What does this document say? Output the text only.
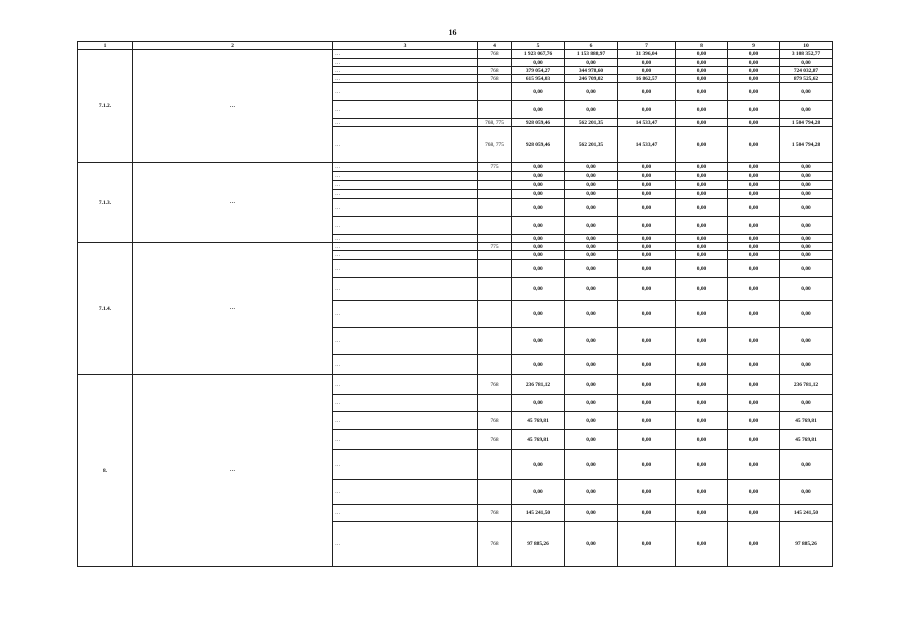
16
1	2	3	4	5	6	7	8	9	10
7.1.2.	…	…	768	1 923 067,76	1 153 888,97	31 396,04	0,00	0,00	3 108 352,77
		…		0,00	0,00	0,00	0,00	0,00	0,00
		…	768	379 054,27	344 978,60	0,00	0,00	0,00	724 032,87
		…	768	615 954,03	246 709,02	16 862,57	0,00	0,00	879 525,62
		…		0,00	0,00	0,00	0,00	0,00	0,00
		…		0,00	0,00	0,00	0,00	0,00	0,00
		…	768, 775	928 059,46	562 201,35	14 533,47	0,00	0,00	1 504 794,28
		…	768, 775	928 059,46	562 201,35	14 533,47	0,00	0,00	1 504 794,28
7.1.3.	…	…	775	0,00	0,00	0,00	0,00	0,00	0,00
		…		0,00	0,00	0,00	0,00	0,00	0,00
		…		0,00	0,00	0,00	0,00	0,00	0,00
		…		0,00	0,00	0,00	0,00	0,00	0,00
		…		0,00	0,00	0,00	0,00	0,00	0,00
		…		0,00	0,00	0,00	0,00	0,00	0,00
		…		0,00	0,00	0,00	0,00	0,00	0,00
7.1.4.	…	…	775	0,00	0,00	0,00	0,00	0,00	0,00
		…		0,00	0,00	0,00	0,00	0,00	0,00
		…		0,00	0,00	0,00	0,00	0,00	0,00
		…		0,00	0,00	0,00	0,00	0,00	0,00
		…		0,00	0,00	0,00	0,00	0,00	0,00
		…		0,00	0,00	0,00	0,00	0,00	0,00
		…		0,00	0,00	0,00	0,00	0,00	0,00
8.	…	…	768	236 781,12	0,00	0,00	0,00	0,00	236 781,12
		…		0,00	0,00	0,00	0,00	0,00	0,00
		…	768	45 769,81	0,00	0,00	0,00	0,00	45 769,81
		…	768	45 769,81	0,00	0,00	0,00	0,00	45 769,81
		…		0,00	0,00	0,00	0,00	0,00	0,00
		…		0,00	0,00	0,00	0,00	0,00	0,00
		…	768	145 241,50	0,00	0,00	0,00	0,00	145 241,50
		…	768	97 885,26	0,00	0,00	0,00	0,00	97 885,26
